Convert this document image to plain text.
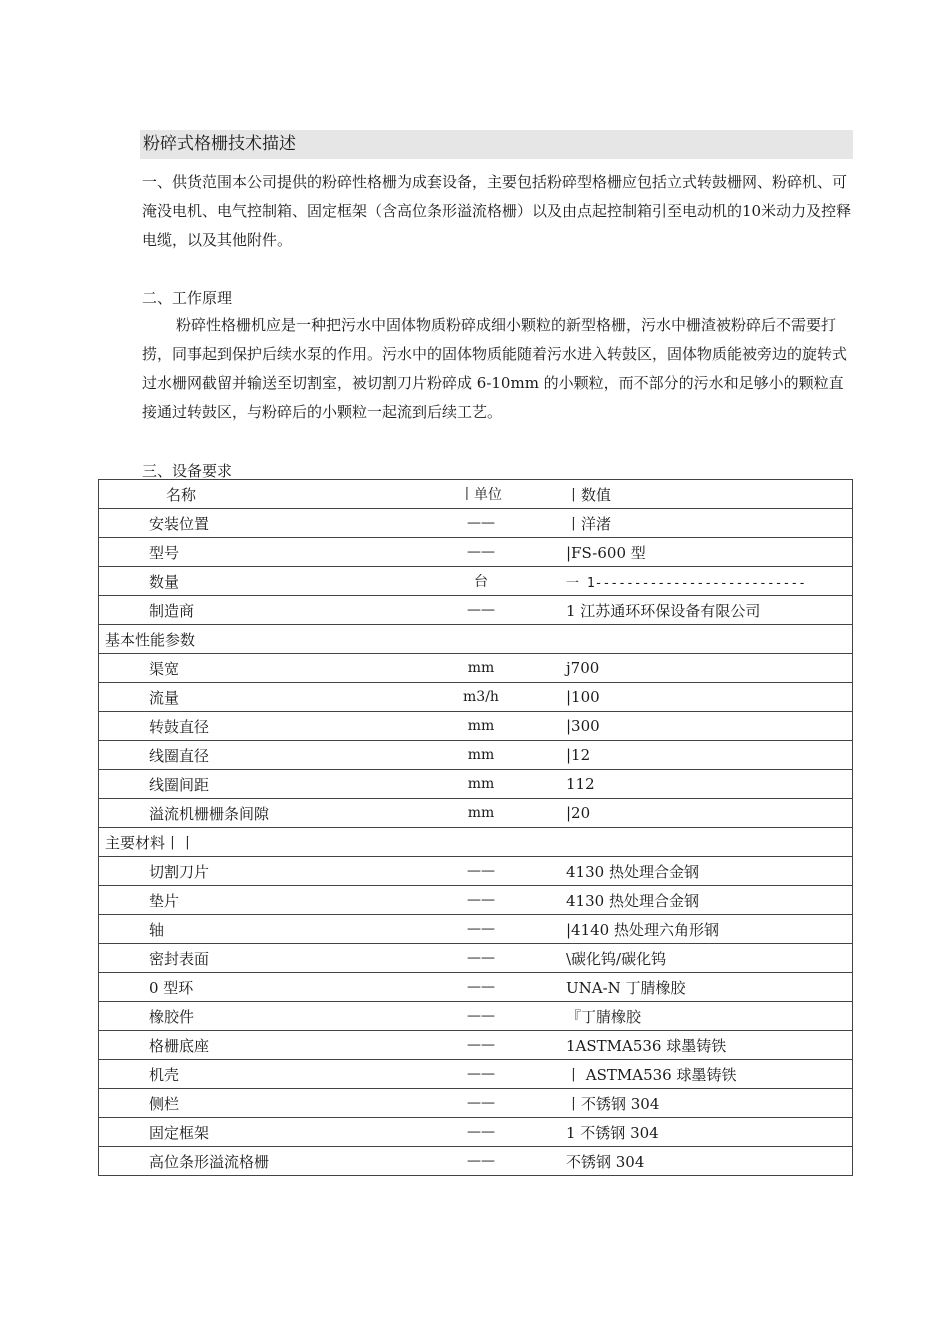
粉碎式格栅技术描述
一、供货范围本公司提供的粉碎性格栅为成套设备，主要包括粉碎型格栅应包括立式转鼓栅网、粉碎机、可淹没电机、电气控制箱、固定框架（含高位条形溢流格栅）以及由点起控制箱引至电动机的10米动力及控释电缆，以及其他附件。
二、工作原理
粉碎性格栅机应是一种把污水中固体物质粉碎成细小颗粒的新型格栅，污水中栅渣被粉碎后不需要打捞，同事起到保护后续水泵的作用。污水中的固体物质能随着污水进入转鼓区，固体物质能被旁边的旋转式过水栅网截留并输送至切割室，被切割刀片粉碎成 6-10mm 的小颗粒，而不部分的污水和足够小的颗粒直接通过转鼓区，与粉碎后的小颗粒一起流到后续工艺。
三、设备要求
名称	丨单位	丨数值
安装位置	——	丨洋渚
型号	——	|FS-600 型
数量	台	一 1---------------------------
制造商	——	1 江苏通环环保设备有限公司
基本性能参数		
渠宽	mm	j700
流量	m3/h	|100
转鼓直径	mm	|300
线圈直径	mm	|12
线圈间距	mm	112
溢流机栅栅条间隙	mm	|20
主要材料丨丨		
切割刀片	——	4130 热处理合金钢
垫片	——	4130 热处理合金钢
轴	——	|4140 热处理六角形钢
密封表面	——	\碳化钨/碳化钨
0 型环	——	UNA-N 丁腈橡胶
橡胶件	——	『丁腈橡胶
格栅底座	——	1ASTMA536 球墨铸铁
机壳	——	丨 ASTMA536 球墨铸铁
侧栏	——	丨不锈钢 304
固定框架	——	1 不锈钢 304
高位条形溢流格栅	——	不锈钢 304
